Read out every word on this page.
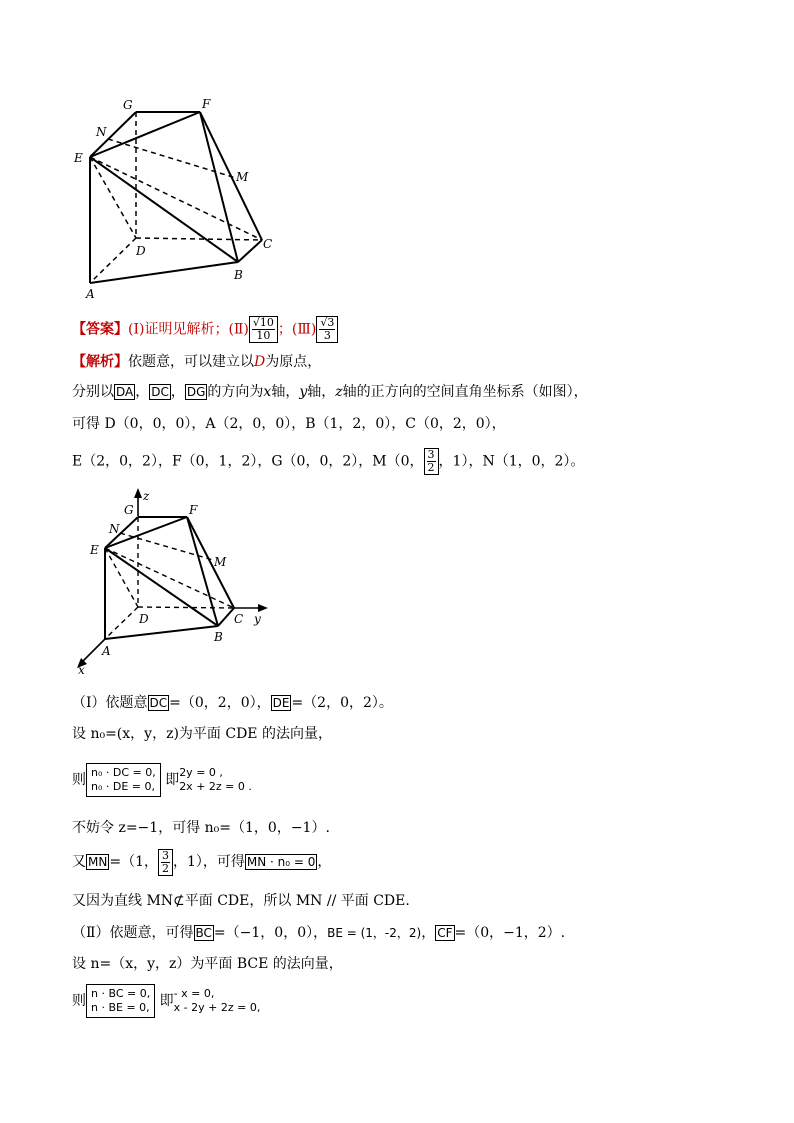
G	F
N
E
M
C
D
B
A
【答案】(Ⅰ)证明见解析；(Ⅱ) $\frac{√10}{10}$ ；(Ⅲ) $\frac{√3}{3}$
【解析】依题意，可以建立以D为原点，
分别以 DA ， DC ， DG 的方向为x轴，y轴，z轴的正方向的空间直角坐标系（如图），
可得 D（0，0，0），A（2，0，0），B（1，2，0），C（0，2，0），
E（2，0，2），F（0，1，2），G（0，0，2），M（0， $\frac{3}{2}$ ，1），N（1，0，2）。
z
G	F
N
E
M
D	C y
B
A
x
（Ⅰ）依题意 DC =（0，2，0）， DE =（2，0，2）。
设 n₀=(x，y，z)为平面 CDE 的法向量，
则 n₀ · DC = 0,
n₀ · DE = 0, 即 2y = 0 ,
2x + 2z = 0 .
不妨令 z=−1，可得 n₀=（1，0，−1）.
又 MN =（1， $\frac{3}{2}$ ，1），可得 MN · n₀ = 0 ，
又因为直线 MN⊄平面 CDE，所以 MN // 平面 CDE.
（Ⅱ）依题意，可得 BC =（−1，0，0），BE = (1，-2，2)， CF =（0，−1，2）.
设 n=（x，y，z）为平面 BCE 的法向量，
则 n · BC = 0,
n · BE = 0, 即 - x = 0,
x - 2y + 2z = 0,
